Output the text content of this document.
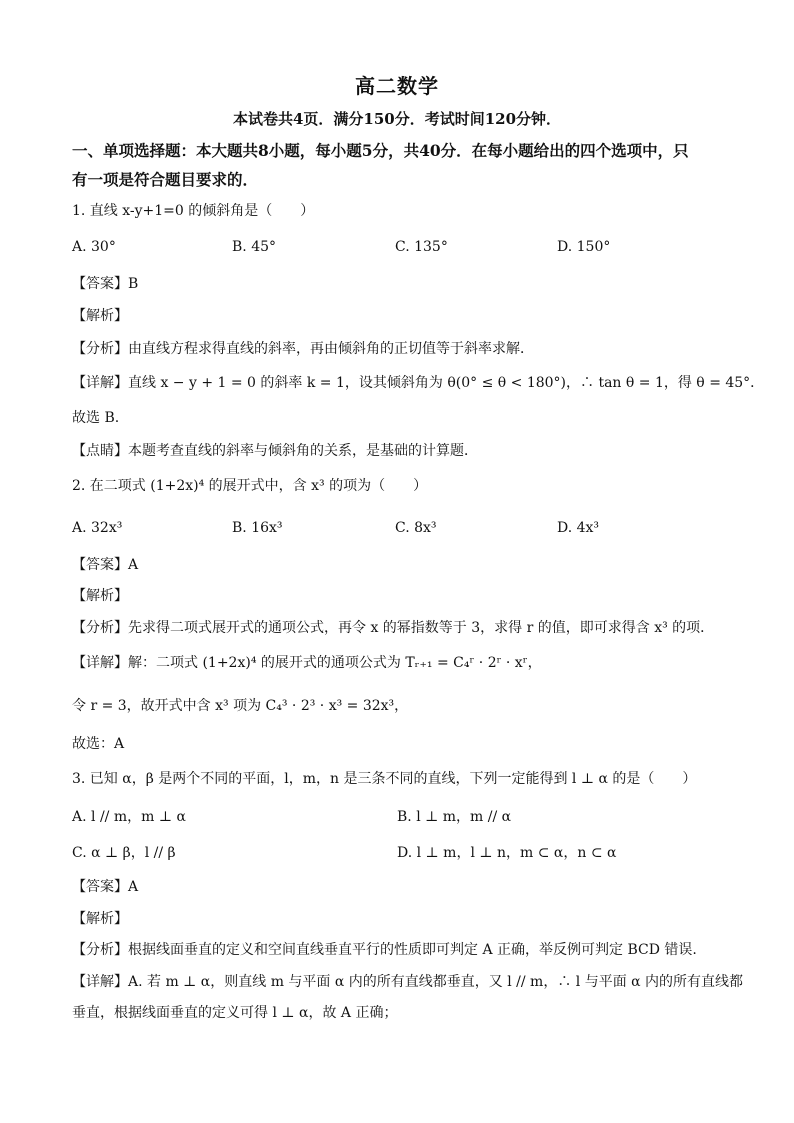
高二数学
本试卷共4页．满分150分．考试时间120分钟．
一、单项选择题：本大题共8小题，每小题5分，共40分．在每小题给出的四个选项中，只
有一项是符合题目要求的．
1. 直线 x-y+1=0 的倾斜角是（　　）
A. 30°	B. 45°	C. 135°	D. 150°
【答案】B
【解析】
【分析】由直线方程求得直线的斜率，再由倾斜角的正切值等于斜率求解．
【详解】直线 x − y + 1 = 0 的斜率 k = 1，设其倾斜角为 θ(0° ≤ θ < 180°)，∴ tan θ = 1，得 θ = 45°．
故选 B.
【点睛】本题考查直线的斜率与倾斜角的关系，是基础的计算题．
2. 在二项式 (1+2x)⁴ 的展开式中，含 x³ 的项为（　　）
A. 32x³	B. 16x³	C. 8x³	D. 4x³
【答案】A
【解析】
【分析】先求得二项式展开式的通项公式，再令 x 的幂指数等于 3，求得 r 的值，即可求得含 x³ 的项．
【详解】解：二项式 (1+2x)⁴ 的展开式的通项公式为 Tᵣ₊₁ = C₄ʳ · 2ʳ · xʳ，
令 r = 3，故开式中含 x³ 项为 C₄³ · 2³ · x³ = 32x³，
故选：A
3. 已知 α，β 是两个不同的平面，l，m，n 是三条不同的直线，下列一定能得到 l ⊥ α 的是（　　）
A. l // m，m ⊥ α	B. l ⊥ m，m // α
C. α ⊥ β，l // β	D. l ⊥ m，l ⊥ n，m ⊂ α，n ⊂ α
【答案】A
【解析】
【分析】根据线面垂直的定义和空间直线垂直平行的性质即可判定 A 正确，举反例可判定 BCD 错误.
【详解】A. 若 m ⊥ α，则直线 m 与平面 α 内的所有直线都垂直，又 l // m，∴ l 与平面 α 内的所有直线都
垂直，根据线面垂直的定义可得 l ⊥ α，故 A 正确；
